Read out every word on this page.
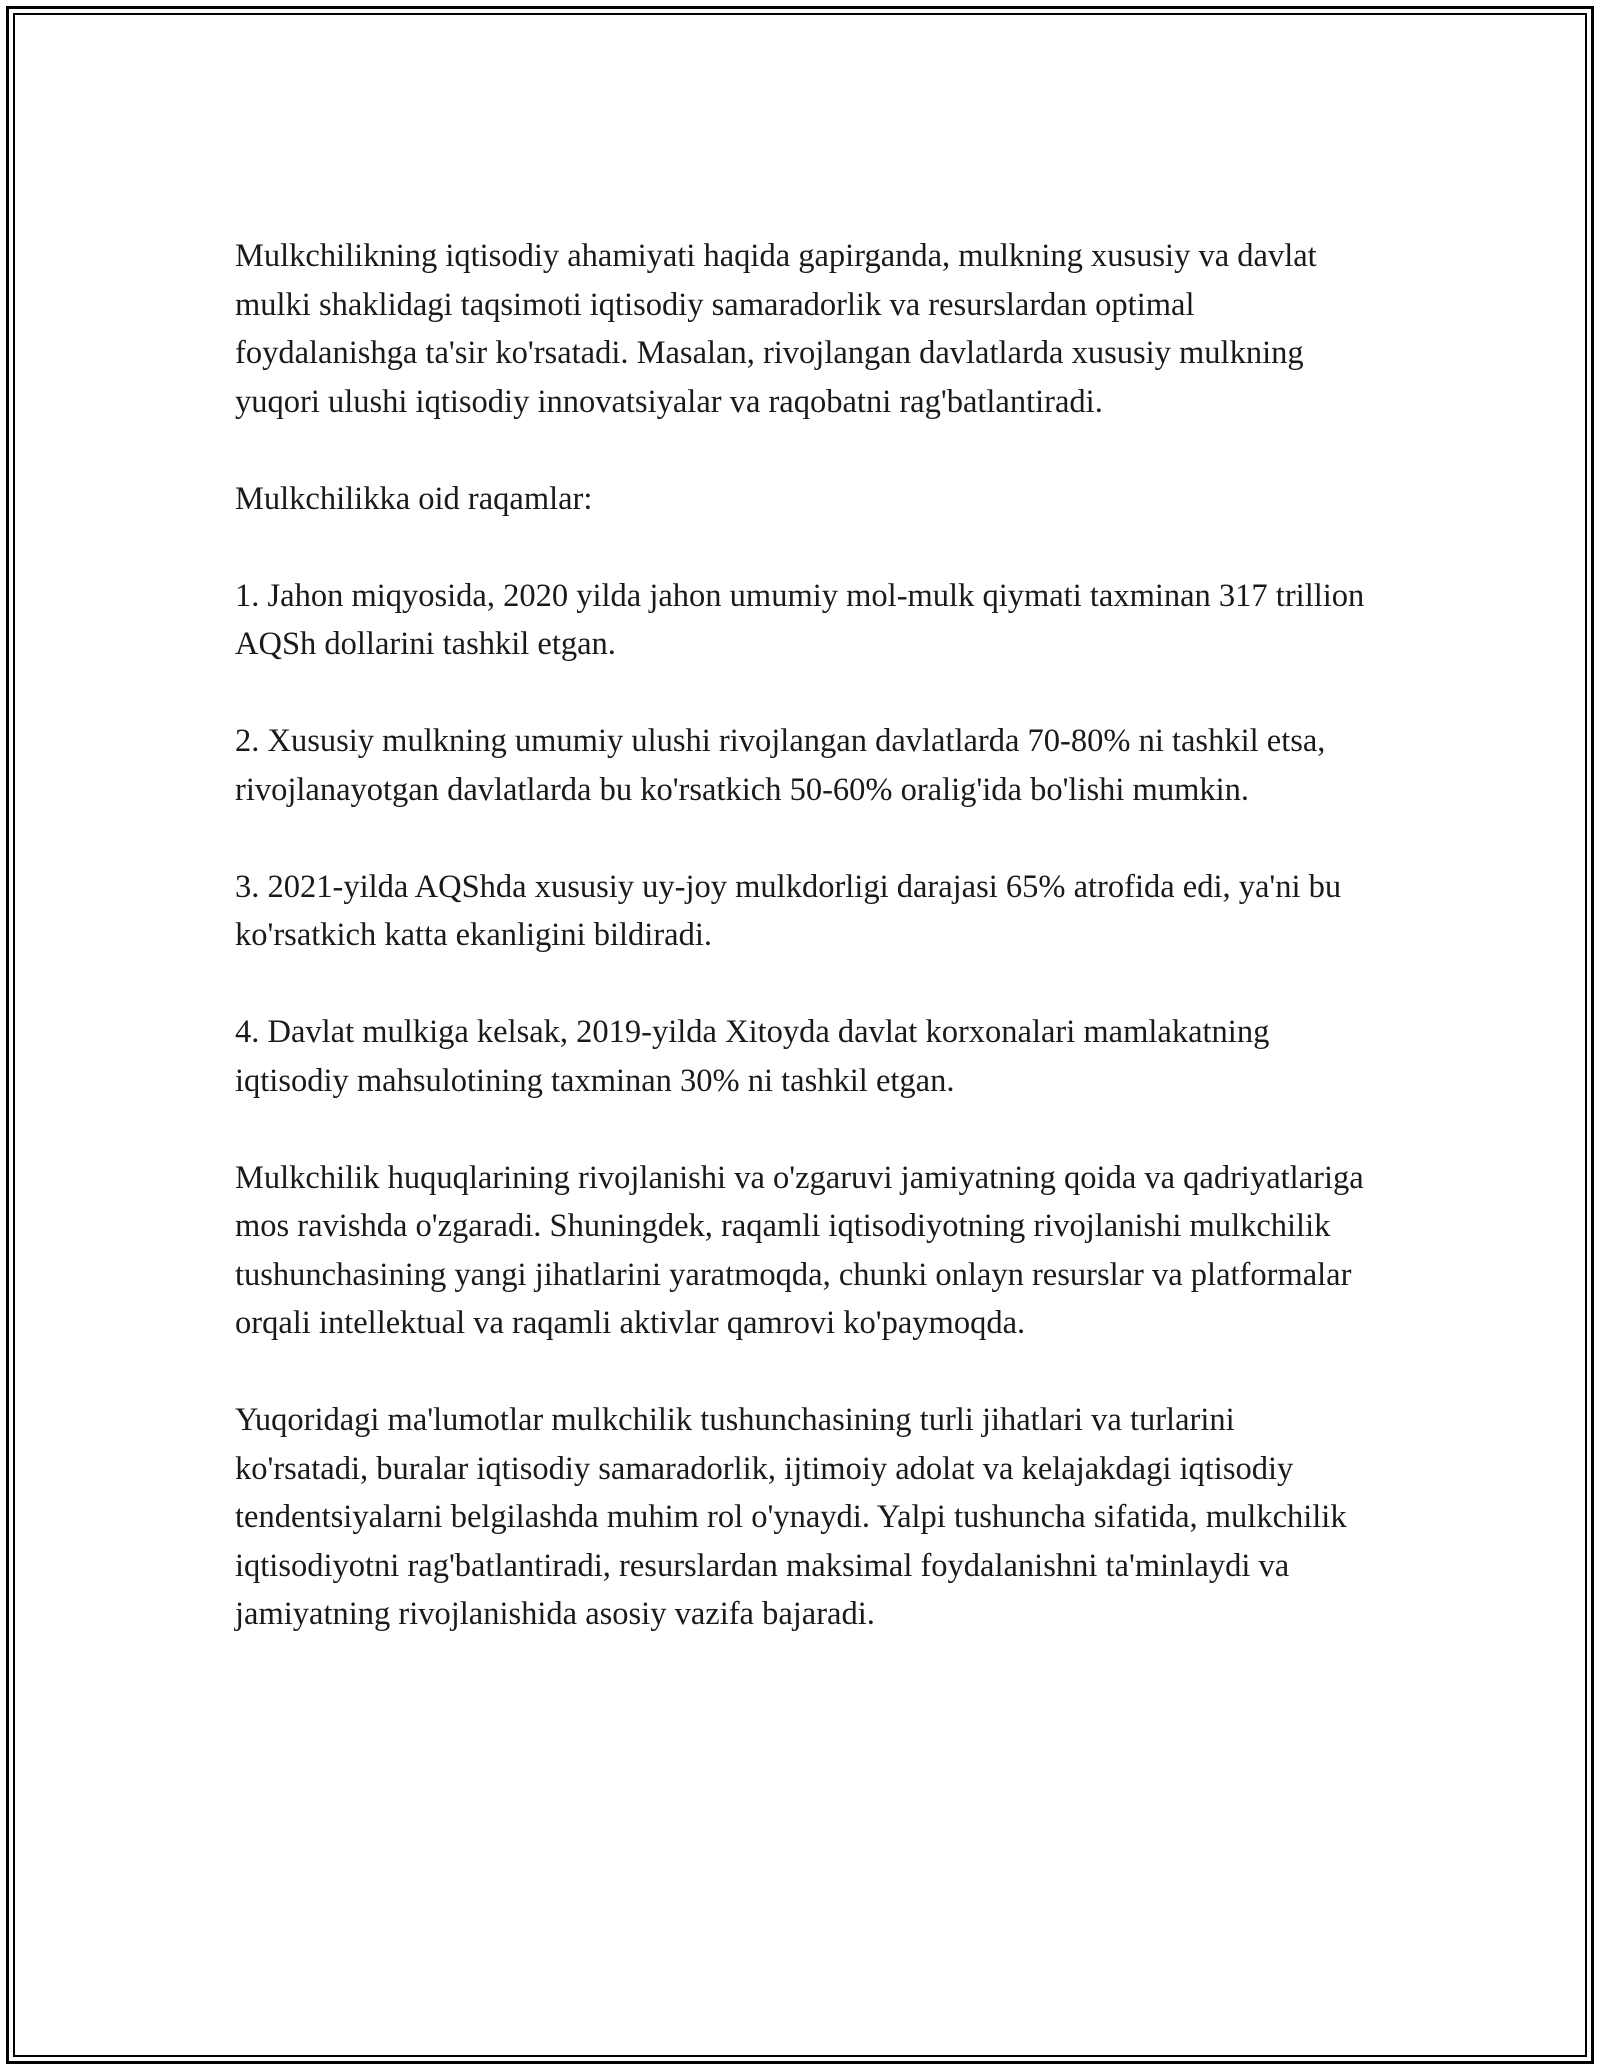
Mulkchilikning iqtisodiy ahamiyati haqida gapirganda, mulkning xususiy va davlat mulki shaklidagi taqsimoti iqtisodiy samaradorlik va resurslardan optimal foydalanishga ta'sir ko'rsatadi. Masalan, rivojlangan davlatlarda xususiy mulkning yuqori ulushi iqtisodiy innovatsiyalar va raqobatni rag'batlantiradi.

Mulkchilikka oid raqamlar:

1. Jahon miqyosida, 2020 yilda jahon umumiy mol-mulk qiymati taxminan 317 trillion AQSh dollarini tashkil etgan.

2. Xususiy mulkning umumiy ulushi rivojlangan davlatlarda 70-80% ni tashkil etsa, rivojlanayotgan davlatlarda bu ko'rsatkich 50-60% oralig'ida bo'lishi mumkin.

3. 2021-yilda AQShda xususiy uy-joy mulkdorligi darajasi 65% atrofida edi, ya'ni bu ko'rsatkich katta ekanligini bildiradi.

4. Davlat mulkiga kelsak, 2019-yilda Xitoyda davlat korxonalari mamlakatning iqtisodiy mahsulotining taxminan 30% ni tashkil etgan.

Mulkchilik huquqlarining rivojlanishi va o'zgaruvi jamiyatning qoida va qadriyatlariga mos ravishda o'zgaradi. Shuningdek, raqamli iqtisodiyotning rivojlanishi mulkchilik tushunchasining yangi jihatlarini yaratmoqda, chunki onlayn resurslar va platformalar orqali intellektual va raqamli aktivlar qamrovi ko'paymoqda.

Yuqoridagi ma'lumotlar mulkchilik tushunchasining turli jihatlari va turlarini ko'rsatadi, buralar iqtisodiy samaradorlik, ijtimoiy adolat va kelajakdagi iqtisodiy tendentsiyalarni belgilashda muhim rol o'ynaydi. Yalpi tushuncha sifatida, mulkchilik iqtisodiyotni rag'batlantiradi, resurslardan maksimal foydalanishni ta'minlaydi va jamiyatning rivojlanishida asosiy vazifa bajaradi.
